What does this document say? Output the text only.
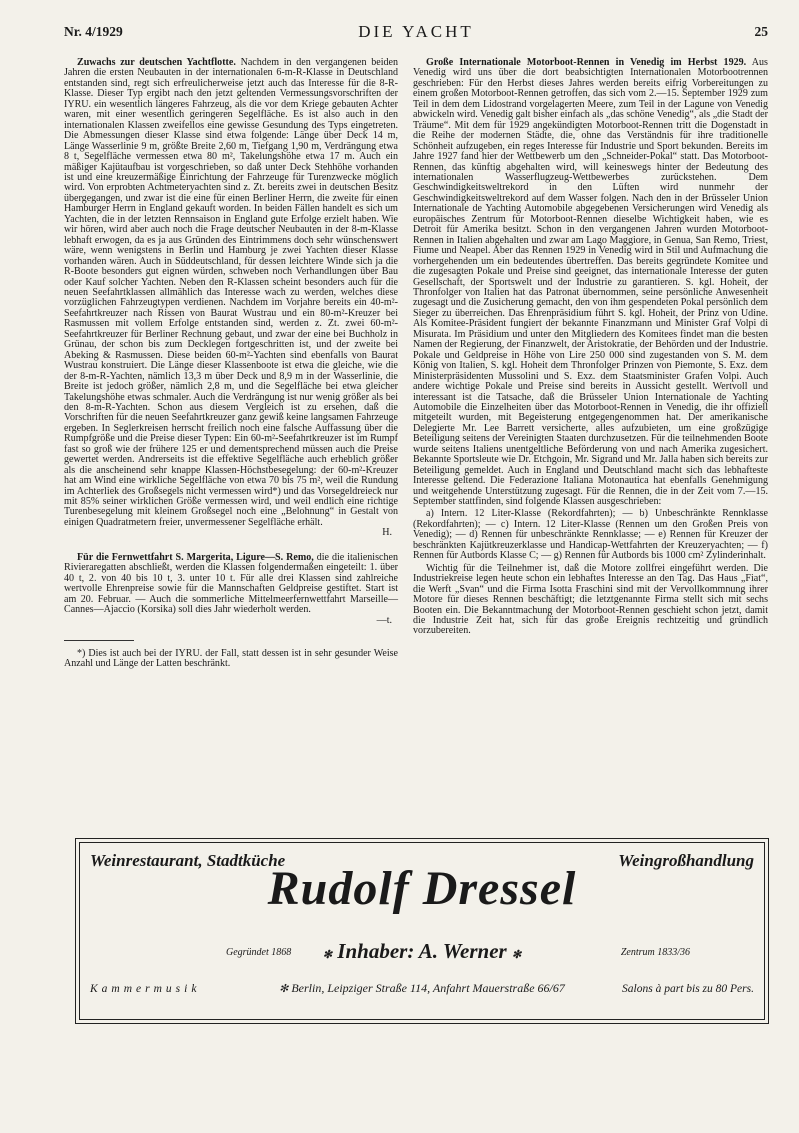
Nr. 4/1929	DIE YACHT	25

Zuwachs zur deutschen Yachtflotte. Nachdem in den vergangenen beiden Jahren die ersten Neubauten in der internationalen 6-m-R-Klasse in Deutschland entstanden sind, regt sich erfreulicherweise jetzt auch das Interesse für die 8-R-Klasse. Dieser Typ ergibt nach den jetzt geltenden Vermessungsvorschriften der IYRU. ein wesentlich längeres Fahrzeug, als die vor dem Kriege gebauten Achter waren, mit einer wesentlich geringeren Segelfläche. Es ist also auch in den internationalen Klassen zweifellos eine gewisse Gesundung des Typs eingetreten. Die Abmessungen dieser Klasse sind etwa folgende: Länge über Deck 14 m, Länge Wasserlinie 9 m, größte Breite 2,60 m, Tiefgang 1,90 m, Verdrängung etwa 8 t, Segelfläche vermessen etwa 80 m², Takelungshöhe etwa 17 m. Auch ein mäßiger Kajütaufbau ist vorgeschrieben, so daß unter Deck Stehhöhe vorhanden ist und eine kreuzermäßige Einrichtung der Fahrzeuge für Turenzwecke möglich wird. Von erprobten Achtmeteryachten sind z. Zt. bereits zwei in deutschen Besitz übergegangen, und zwar ist die eine für einen Berliner Herrn, die zweite für einen Hamburger Herrn in England gekauft worden. In beiden Fällen handelt es sich um Yachten, die in der letzten Rennsaison in England gute Erfolge erzielt haben. Wie wir hören, wird aber auch noch die Frage deutscher Neubauten in der 8-m-Klasse lebhaft erwogen, da es ja aus Gründen des Eintrimmens doch sehr wünschenswert wäre, wenn wenigstens in Berlin und Hamburg je zwei Yachten dieser Klasse vorhanden wären. Auch in Süddeutschland, für dessen leichtere Winde sich ja die R-Boote besonders gut eignen würden, schweben noch Verhandlungen über Bau oder Kauf solcher Yachten. Neben den R-Klassen scheint besonders auch für die neuen Seefahrtklassen allmählich das Interesse wach zu werden, welches diese vorzüglichen Fahrzeugtypen verdienen. Nachdem im Vorjahre bereits ein 40-m²-Seefahrtkreuzer nach Rissen von Baurat Wustrau und ein 80-m²-Kreuzer bei Rasmussen mit vollem Erfolge entstanden sind, werden z. Zt. zwei 60-m²-Seefahrtkreuzer für Berliner Rechnung gebaut, und zwar der eine bei Buchholz in Grünau, der schon bis zum Decklegen fortgeschritten ist, und der zweite bei Abeking & Rasmussen. Diese beiden 60-m²-Yachten sind ebenfalls von Baurat Wustrau konstruiert. Die Länge dieser Klassenboote ist etwa die gleiche, wie die der 8-m-R-Yachten, nämlich 13,3 m über Deck und 8,9 m in der Wasserlinie, die Breite ist jedoch größer, nämlich 2,8 m, und die Segelfläche bei etwa gleicher Takelungshöhe etwas schmaler. Auch die Verdrängung ist nur wenig größer als bei den 8-m-R-Yachten. Schon aus diesem Vergleich ist zu ersehen, daß die Vorschriften für die neuen Seefahrtkreuzer ganz gewiß keine langsamen Fahrzeuge ergeben. In Seglerkreisen herrscht freilich noch eine falsche Auffassung über die Rumpfgröße und die Preise dieser Typen: Ein 60-m²-Seefahrtkreuzer ist im Rumpf fast so groß wie der frühere 125 er und dementsprechend müssen auch die Preise gewertet werden. Andrerseits ist die effektive Segelfläche auch erheblich größer als die anscheinend sehr knappe Klassen-Höchstbesegelung: der 60-m²-Kreuzer hat am Wind eine wirkliche Segelfläche von etwa 70 bis 75 m², weil die Rundung im Achterliek des Großsegels nicht vermessen wird*) und das Vorsegeldreieck nur mit 85% seiner wirklichen Größe vermessen wird, und weil endlich eine richtige Turenbesegelung mit kleinem Großsegel noch eine „Belohnung“ in Gestalt von einigen Quadratmetern freier, unvermessener Segelfläche erhält.

H.

Für die Fernwettfahrt S. Margerita, Ligure—S. Remo, die die italienischen Rivieraregatten abschließt, werden die Klassen folgendermaßen eingeteilt: 1. über 40 t, 2. von 40 bis 10 t, 3. unter 10 t. Für alle drei Klassen sind zahlreiche wertvolle Ehrenpreise sowie für die Mannschaften Geldpreise gestiftet. Start ist am 20. Februar. — Auch die sommerliche Mittelmeerfernwettfahrt Marseille—Cannes—Ajaccio (Korsika) soll dies Jahr wiederholt werden.

—t.

*) Dies ist auch bei der IYRU. der Fall, statt dessen ist in sehr gesunder Weise Anzahl und Länge der Latten beschränkt.

Große Internationale Motorboot-Rennen in Venedig im Herbst 1929. Aus Venedig wird uns über die dort beabsichtigten Internationalen Motorbootrennen geschrieben: Für den Herbst dieses Jahres werden bereits eifrig Vorbereitungen zu einem großen Motorboot-Rennen getroffen, das sich vom 2.—15. September 1929 zum Teil in dem dem Lidostrand vorgelagerten Meere, zum Teil in der Lagune von Venedig abwickeln wird. Venedig galt bisher einfach als „das schöne Venedig“, als „die Stadt der Träume“. Mit dem für 1929 angekündigten Motorboot-Rennen tritt die Dogenstadt in die Reihe der modernen Städte, die, ohne das Verständnis für ihre traditionelle Schönheit aufzugeben, ein reges Interesse für Industrie und Sport bekunden. Bereits im Jahre 1927 fand hier der Wettbewerb um den „Schneider-Pokal“ statt. Das Motorboot-Rennen, das künftig abgehalten wird, will keineswegs hinter der Bedeutung des internationalen Wasserflugzeug-Wettbewerbes zurückstehen. Dem Geschwindigkeitsweltrekord in den Lüften wird nunmehr der Geschwindigkeitsweltrekord auf dem Wasser folgen. Nach den in der Brüsseler Union Internationale de Yachting Automobile abgegebenen Versicherungen wird Venedig als europäisches Zentrum für Motorboot-Rennen dieselbe Wichtigkeit haben, wie es Detroit für Amerika besitzt. Schon in den vergangenen Jahren wurden Motorboot-Rennen in Italien abgehalten und zwar am Lago Maggiore, in Genua, San Remo, Triest, Fiume und Neapel. Aber das Rennen 1929 in Venedig wird in Stil und Aufmachung die vorhergehenden um ein bedeutendes übertreffen. Das bereits gegründete Komitee und die zugesagten Pokale und Preise sind geeignet, das internationale Interesse der guten Gesellschaft, der Sportswelt und der Industrie zu garantieren. S. kgl. Hoheit, der Thronfolger von Italien hat das Patronat übernommen, seine persönliche Anwesenheit zugesagt und die Zusicherung gemacht, den von ihm gespendeten Pokal persönlich dem Sieger zu überreichen. Das Ehrenpräsidium führt S. kgl. Hoheit, der Prinz von Udine. Als Komitee-Präsident fungiert der bekannte Finanzmann und Minister Graf Volpi di Misurata. Im Präsidium und unter den Mitgliedern des Komitees findet man die besten Namen der Regierung, der Finanzwelt, der Aristokratie, der Behörden und der Industrie. Pokale und Geldpreise in Höhe von Lire 250 000 sind zugestanden von S. M. dem König von Italien, S. kgl. Hoheit dem Thronfolger Prinzen von Piemonte, S. Exz. dem Ministerpräsidenten Mussolini und S. Exz. dem Staatsminister Grafen Volpi. Auch andere wichtige Pokale und Preise sind bereits in Aussicht gestellt. Wertvoll und interessant ist die Tatsache, daß die Brüsseler Union Internationale de Yachting Automobile die Einzelheiten über das Motorboot-Rennen in Venedig, die ihr offiziell mitgeteilt wurden, mit Begeisterung entgegengenommen hat. Der amerikanische Delegierte Mr. Lee Barrett versicherte, alles aufzubieten, um eine großzügige Beteiligung seitens der Vereinigten Staaten durchzusetzen. Für die teilnehmenden Boote wurde seitens Italiens unentgeltliche Beförderung von und nach Amerika zugesichert. Bekannte Sportsleute wie Dr. Etchgoin, Mr. Sigrand und Mr. Jalla haben sich bereits zur Beteiligung gemeldet. Auch in England und Deutschland macht sich das lebhafteste Interesse geltend. Die Federazione Italiana Motonautica hat ebenfalls Genehmigung und weitgehende Unterstützung zugesagt. Für die Rennen, die in der Zeit vom 7.—15. September stattfinden, sind folgende Klassen ausgeschrieben:

a) Intern. 12 Liter-Klasse (Rekordfahrten); — b) Unbeschränkte Rennklasse (Rekordfahrten); — c) Intern. 12 Liter-Klasse (Rennen um den Großen Preis von Venedig); — d) Rennen für unbeschränkte Rennklasse; — e) Rennen für Kreuzer der beschränkten Kajütkreuzerklasse und Handicap-Wettfahrten der Kreuzeryachten; — f) Rennen für Autbords Klasse C; — g) Rennen für Autbords bis 1000 cm² Zylinderinhalt.

Wichtig für die Teilnehmer ist, daß die Motore zollfrei eingeführt werden. Die Industriekreise legen heute schon ein lebhaftes Interesse an den Tag. Das Haus „Fiat“, die Werft „Svan“ und die Firma Isotta Fraschini sind mit der Vervollkommnung ihrer Motore für dieses Rennen beschäftigt; die letztgenannte Firma stellt sich mit sechs Booten ein. Die Bekanntmachung der Motorboot-Rennen geschieht schon jetzt, damit die Industrie Zeit hat, sich für das große Ereignis rechtzeitig und gründlich vorzubereiten.

Weinrestaurant, Stadtküche	Weingroßhandlung
Rudolf Dressel
Gegründet 1868	✻ Inhaber: A. Werner ✻	Zentrum 1833/36
Kammermusik	✻ Berlin, Leipziger Straße 114, Anfahrt Mauerstraße 66/67	Salons à part bis zu 80 Pers.
